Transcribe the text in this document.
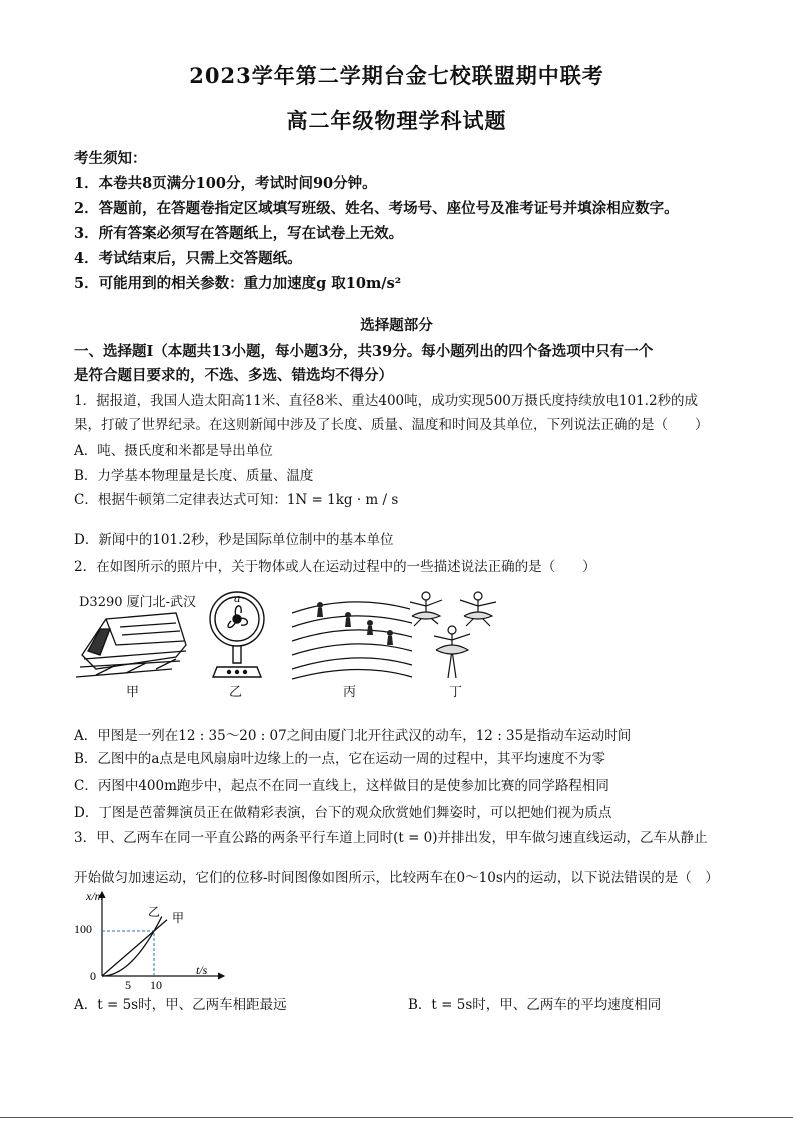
2023学年第二学期台金七校联盟期中联考
高二年级物理学科试题
考生须知：
1．本卷共8页满分100分，考试时间90分钟。
2．答题前，在答题卷指定区域填写班级、姓名、考场号、座位号及准考证号并填涂相应数字。
3．所有答案必须写在答题纸上，写在试卷上无效。
4．考试结束后，只需上交答题纸。
5．可能用到的相关参数：重力加速度g 取10m/s²
选择题部分
一、选择题Ⅰ（本题共13小题，每小题3分，共39分。每小题列出的四个备选项中只有一个
是符合题目要求的，不选、多选、错选均不得分）
1．据报道，我国人造太阳高11米、直径8米、重达400吨，成功实现500万摄氏度持续放电101.2秒的成
果，打破了世界纪录。在这则新闻中涉及了长度、质量、温度和时间及其单位，下列说法正确的是（　　）
A．吨、摄氏度和米都是导出单位
B．力学基本物理量是长度、质量、温度
C．根据牛顿第二定律表达式可知：1N = 1kg · m / s
D．新闻中的101.2秒，秒是国际单位制中的基本单位
2．在如图所示的照片中，关于物体或人在运动过程中的一些描述说法正确的是（　　）
D3290 厦门北-武汉
甲
a
乙	丙	丁
A．甲图是一列在12 : 35～20 : 07之间由厦门北开往武汉的动车，12 : 35是指动车运动时间
B．乙图中的a点是电风扇扇叶边缘上的一点，它在运动一周的过程中，其平均速度不为零
C．丙图中400m跑步中，起点不在同一直线上，这样做目的是使参加比赛的同学路程相同
D．丁图是芭蕾舞演员正在做精彩表演，台下的观众欣赏她们舞姿时，可以把她们视为质点
3．甲、乙两车在同一平直公路的两条平行车道上同时(t = 0)并排出发，甲车做匀速直线运动，乙车从静止
开始做匀加速运动，它们的位移-时间图像如图所示，比较两车在0～10s内的运动，以下说法错误的是（　）
x/m
t/s
0
100
5 10
乙 甲
A．t = 5s时，甲、乙两车相距最远	B．t = 5s时，甲、乙两车的平均速度相同
